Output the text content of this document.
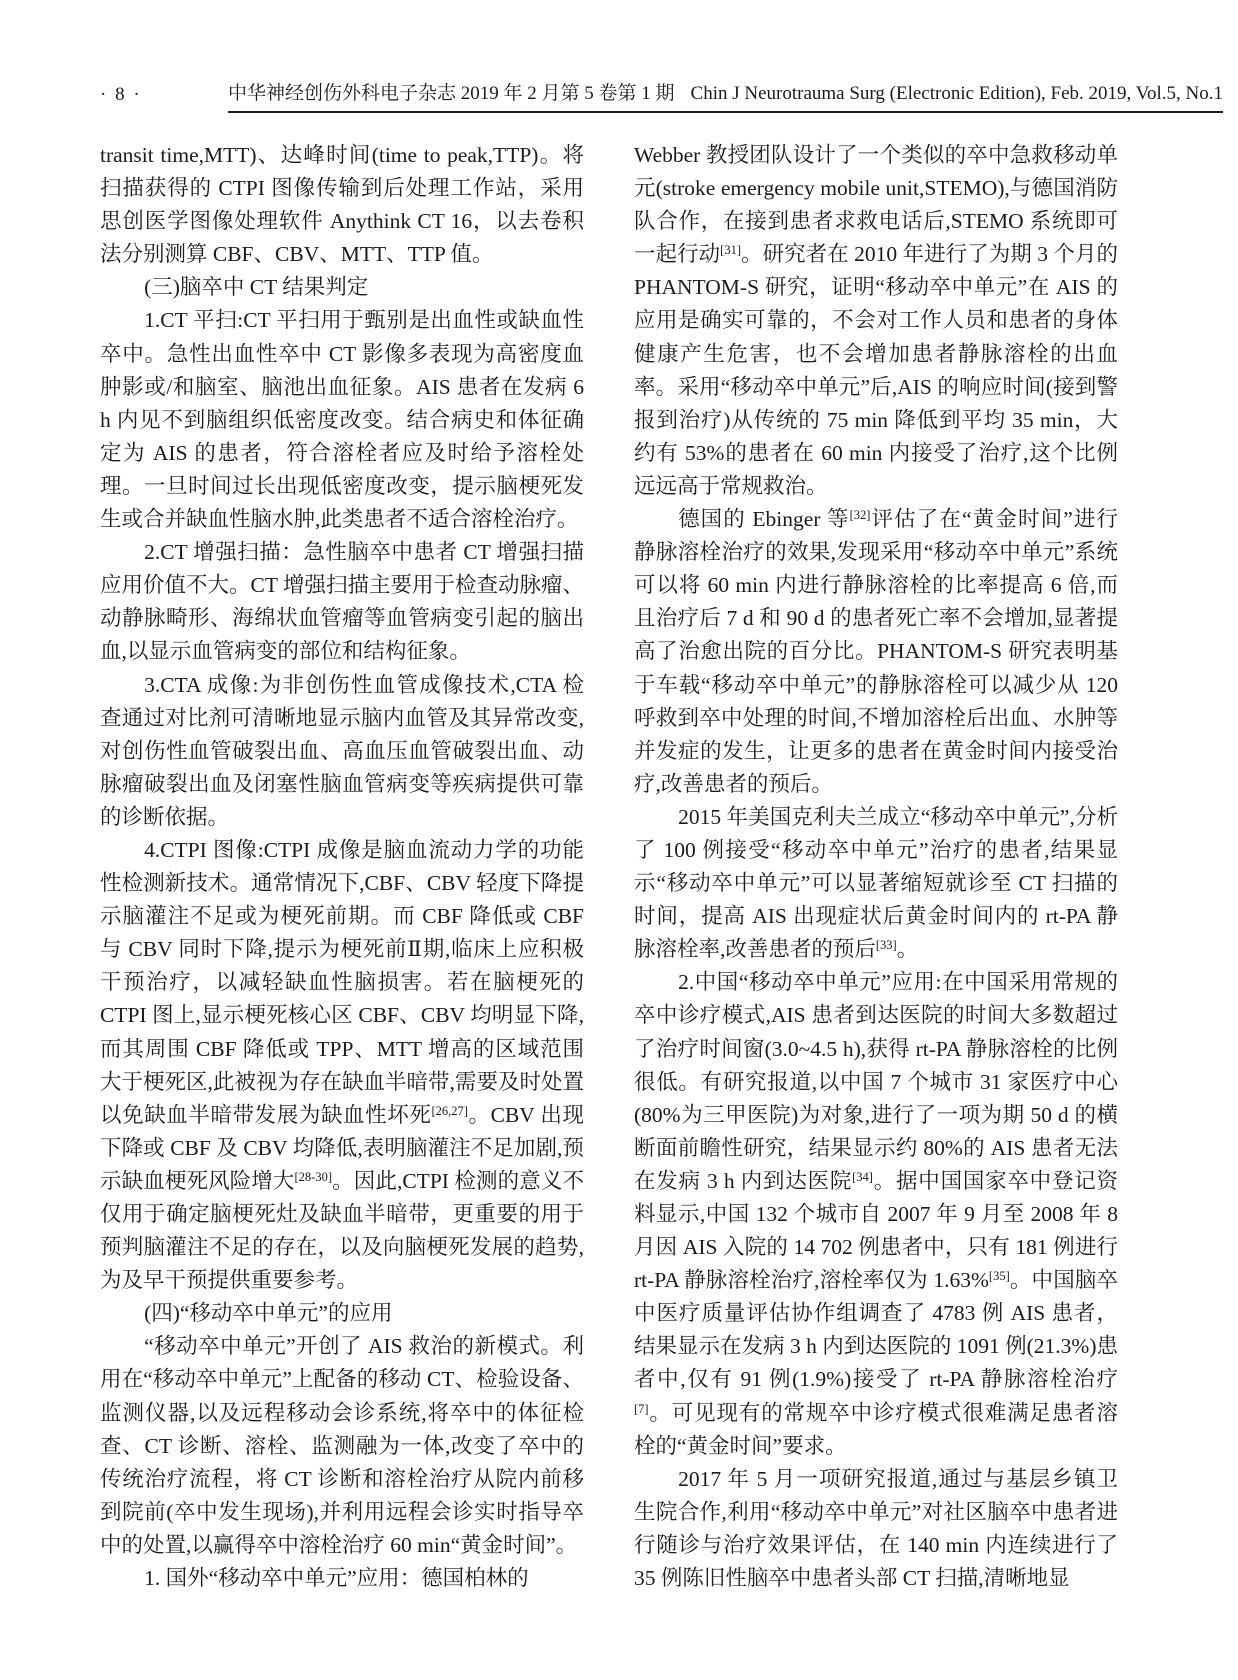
· 8 ·	中华神经创伤外科电子杂志 2019 年 2 月第 5 卷第 1 期 Chin J Neurotrauma Surg (Electronic Edition), Feb. 2019, Vol.5, No.1

transit time,MTT)、达峰时间(time to peak,TTP)。将扫描获得的 CTPI 图像传输到后处理工作站，采用思创医学图像处理软件 Anythink CT 16，以去卷积法分别测算 CBF、CBV、MTT、TTP 值。

(三)脑卒中 CT 结果判定

1.CT 平扫:CT 平扫用于甄别是出血性或缺血性卒中。急性出血性卒中 CT 影像多表现为高密度血肿影或/和脑室、脑池出血征象。AIS 患者在发病 6 h 内见不到脑组织低密度改变。结合病史和体征确定为 AIS 的患者，符合溶栓者应及时给予溶栓处理。一旦时间过长出现低密度改变，提示脑梗死发生或合并缺血性脑水肿,此类患者不适合溶栓治疗。

2.CT 增强扫描：急性脑卒中患者 CT 增强扫描应用价值不大。CT 增强扫描主要用于检查动脉瘤、动静脉畸形、海绵状血管瘤等血管病变引起的脑出血,以显示血管病变的部位和结构征象。

3.CTA 成像:为非创伤性血管成像技术,CTA 检查通过对比剂可清晰地显示脑内血管及其异常改变,对创伤性血管破裂出血、高血压血管破裂出血、动脉瘤破裂出血及闭塞性脑血管病变等疾病提供可靠的诊断依据。

4.CTPI 图像:CTPI 成像是脑血流动力学的功能性检测新技术。通常情况下,CBF、CBV 轻度下降提示脑灌注不足或为梗死前期。而 CBF 降低或 CBF 与 CBV 同时下降,提示为梗死前Ⅱ期,临床上应积极干预治疗，以减轻缺血性脑损害。若在脑梗死的 CTPI 图上,显示梗死核心区 CBF、CBV 均明显下降,而其周围 CBF 降低或 TPP、MTT 增高的区域范围大于梗死区,此被视为存在缺血半暗带,需要及时处置以免缺血半暗带发展为缺血性坏死[26,27]。CBV 出现下降或 CBF 及 CBV 均降低,表明脑灌注不足加剧,预示缺血梗死风险增大[28-30]。因此,CTPI 检测的意义不仅用于确定脑梗死灶及缺血半暗带，更重要的用于预判脑灌注不足的存在，以及向脑梗死发展的趋势,为及早干预提供重要参考。

(四)“移动卒中单元”的应用

“移动卒中单元”开创了 AIS 救治的新模式。利用在“移动卒中单元”上配备的移动 CT、检验设备、监测仪器,以及远程移动会诊系统,将卒中的体征检查、CT 诊断、溶栓、监测融为一体,改变了卒中的传统治疗流程，将 CT 诊断和溶栓治疗从院内前移到院前(卒中发生现场),并利用远程会诊实时指导卒中的处置,以赢得卒中溶栓治疗 60 min“黄金时间”。

1. 国外“移动卒中单元”应用：德国柏林的

Webber 教授团队设计了一个类似的卒中急救移动单元(stroke emergency mobile unit,STEMO),与德国消防队合作，在接到患者求救电话后,STEMO 系统即可一起行动[31]。研究者在 2010 年进行了为期 3 个月的 PHANTOM-S 研究，证明“移动卒中单元”在 AIS 的应用是确实可靠的，不会对工作人员和患者的身体健康产生危害，也不会增加患者静脉溶栓的出血率。采用“移动卒中单元”后,AIS 的响应时间(接到警报到治疗)从传统的 75 min 降低到平均 35 min，大约有 53%的患者在 60 min 内接受了治疗,这个比例远远高于常规救治。

德国的 Ebinger 等[32]评估了在“黄金时间”进行静脉溶栓治疗的效果,发现采用“移动卒中单元”系统可以将 60 min 内进行静脉溶栓的比率提高 6 倍,而且治疗后 7 d 和 90 d 的患者死亡率不会增加,显著提高了治愈出院的百分比。PHANTOM-S 研究表明基于车载“移动卒中单元”的静脉溶栓可以减少从 120 呼救到卒中处理的时间,不增加溶栓后出血、水肿等并发症的发生，让更多的患者在黄金时间内接受治疗,改善患者的预后。

2015 年美国克利夫兰成立“移动卒中单元”,分析了 100 例接受“移动卒中单元”治疗的患者,结果显示“移动卒中单元”可以显著缩短就诊至 CT 扫描的时间，提高 AIS 出现症状后黄金时间内的 rt-PA 静脉溶栓率,改善患者的预后[33]。

2.中国“移动卒中单元”应用:在中国采用常规的卒中诊疗模式,AIS 患者到达医院的时间大多数超过了治疗时间窗(3.0~4.5 h),获得 rt-PA 静脉溶栓的比例很低。有研究报道,以中国 7 个城市 31 家医疗中心(80%为三甲医院)为对象,进行了一项为期 50 d 的横断面前瞻性研究，结果显示约 80%的 AIS 患者无法在发病 3 h 内到达医院[34]。据中国国家卒中登记资料显示,中国 132 个城市自 2007 年 9 月至 2008 年 8 月因 AIS 入院的 14 702 例患者中，只有 181 例进行 rt-PA 静脉溶栓治疗,溶栓率仅为 1.63%[35]。中国脑卒中医疗质量评估协作组调查了 4783 例 AIS 患者，结果显示在发病 3 h 内到达医院的 1091 例(21.3%)患者中,仅有 91 例(1.9%)接受了 rt-PA 静脉溶栓治疗[7]。可见现有的常规卒中诊疗模式很难满足患者溶栓的“黄金时间”要求。

2017 年 5 月一项研究报道,通过与基层乡镇卫生院合作,利用“移动卒中单元”对社区脑卒中患者进行随诊与治疗效果评估，在 140 min 内连续进行了 35 例陈旧性脑卒中患者头部 CT 扫描,清晰地显
